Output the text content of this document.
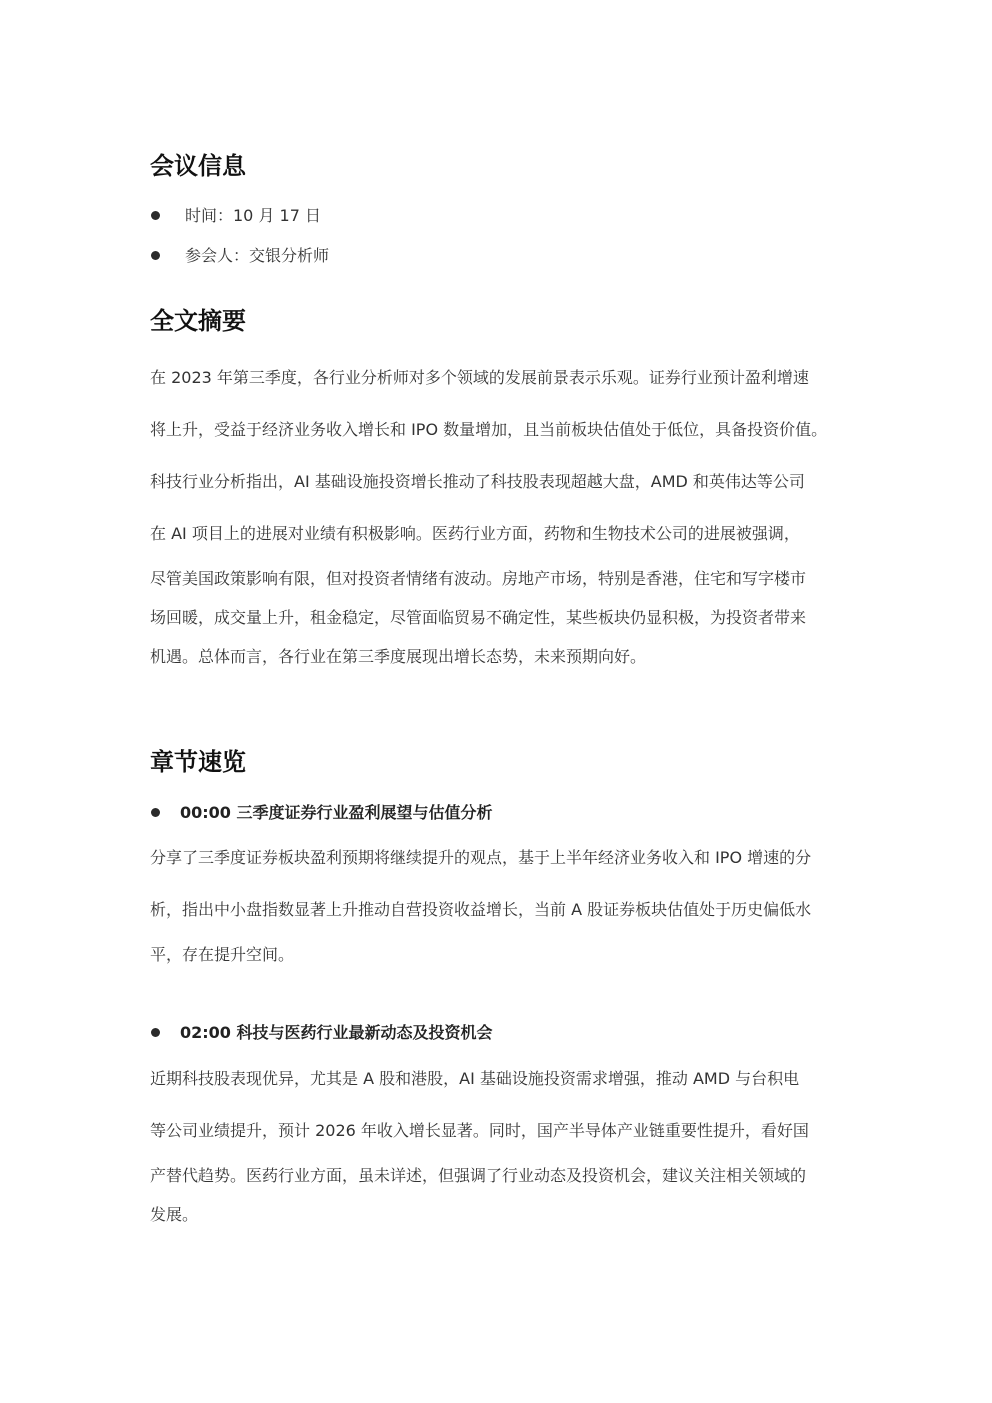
会议信息
时间：10 月 17 日
参会人：交银分析师
全文摘要
在 2023 年第三季度，各行业分析师对多个领域的发展前景表示乐观。证券行业预计盈利增速
将上升，受益于经济业务收入增长和 IPO 数量增加，且当前板块估值处于低位，具备投资价值。
科技行业分析指出，AI 基础设施投资增长推动了科技股表现超越大盘，AMD 和英伟达等公司
在 AI 项目上的进展对业绩有积极影响。医药行业方面，药物和生物技术公司的进展被强调，
尽管美国政策影响有限，但对投资者情绪有波动。房地产市场，特别是香港，住宅和写字楼市
场回暖，成交量上升，租金稳定，尽管面临贸易不确定性，某些板块仍显积极，为投资者带来
机遇。总体而言，各行业在第三季度展现出增长态势，未来预期向好。
章节速览
00:00 三季度证券行业盈利展望与估值分析
分享了三季度证券板块盈利预期将继续提升的观点，基于上半年经济业务收入和 IPO 增速的分
析，指出中小盘指数显著上升推动自营投资收益增长，当前 A 股证券板块估值处于历史偏低水
平，存在提升空间。
02:00 科技与医药行业最新动态及投资机会
近期科技股表现优异，尤其是 A 股和港股，AI 基础设施投资需求增强，推动 AMD 与台积电
等公司业绩提升，预计 2026 年收入增长显著。同时，国产半导体产业链重要性提升，看好国
产替代趋势。医药行业方面，虽未详述，但强调了行业动态及投资机会，建议关注相关领域的
发展。
